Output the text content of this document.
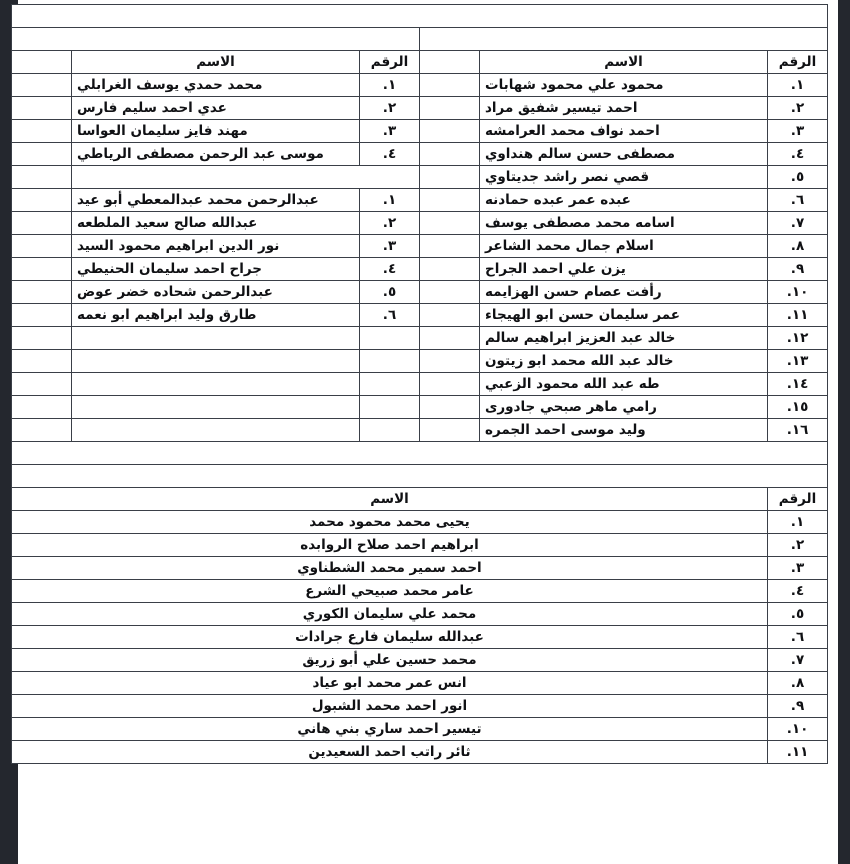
الرقم	الاسم		الرقم	الاسم	
١.	محمود علي محمود شهابات		١.	محمد حمدي يوسف الغرابلي	
٢.	احمد تيسير شفيق مراد		٢.	عدي احمد سليم فارس	
٣.	احمد نواف محمد العرامشه		٣.	مهند فايز سليمان العواسا	
٤.	مصطفى حسن سالم هنداوي		٤.	موسى عبد الرحمن مصطفى الرياطي	
٥.	قصي نصر راشد جديتاوي				
٦.	عبده عمر عبده حمادنه		١.	عبدالرحمن محمد عبدالمعطي أبو عيد	
٧.	اسامه محمد مصطفى يوسف		٢.	عبدالله صالح سعيد الملطعه	
٨.	اسلام جمال محمد الشاعر		٣.	نور الدين ابراهيم محمود السيد	
٩.	يزن علي احمد الجراح		٤.	جراح احمد سليمان الحنيطي	
١٠.	رأفت عصام حسن الهزايمه		٥.	عبدالرحمن شحاده خضر عوض	
١١.	عمر سليمان حسن ابو الهيجاء		٦.	طارق وليد ابراهيم ابو نعمه	
١٢.	خالد عبد العزيز ابراهيم سالم				
١٣.	خالد عبد الله محمد ابو زيتون				
١٤.	طه عبد الله محمود الزعبي				
١٥.	رامي ماهر صبحي جادورى				
١٦.	وليد موسى احمد الجمره				

الرقم	الاسم				
١.	يحيى محمد محمود محمد				
٢.	ابراهيم احمد صلاح الروابده				
٣.	احمد سمير محمد الشطناوي				
٤.	عامر محمد صبيحي الشرع				
٥.	محمد علي سليمان الكوري				
٦.	عبدالله سليمان فارع جرادات				
٧.	محمد حسين علي أبو زريق				
٨.	انس عمر محمد ابو عياد				
٩.	انور احمد محمد الشبول				
١٠.	تيسير احمد ساري بني هاني				
١١.	ثائر راتب احمد السعيدين				
